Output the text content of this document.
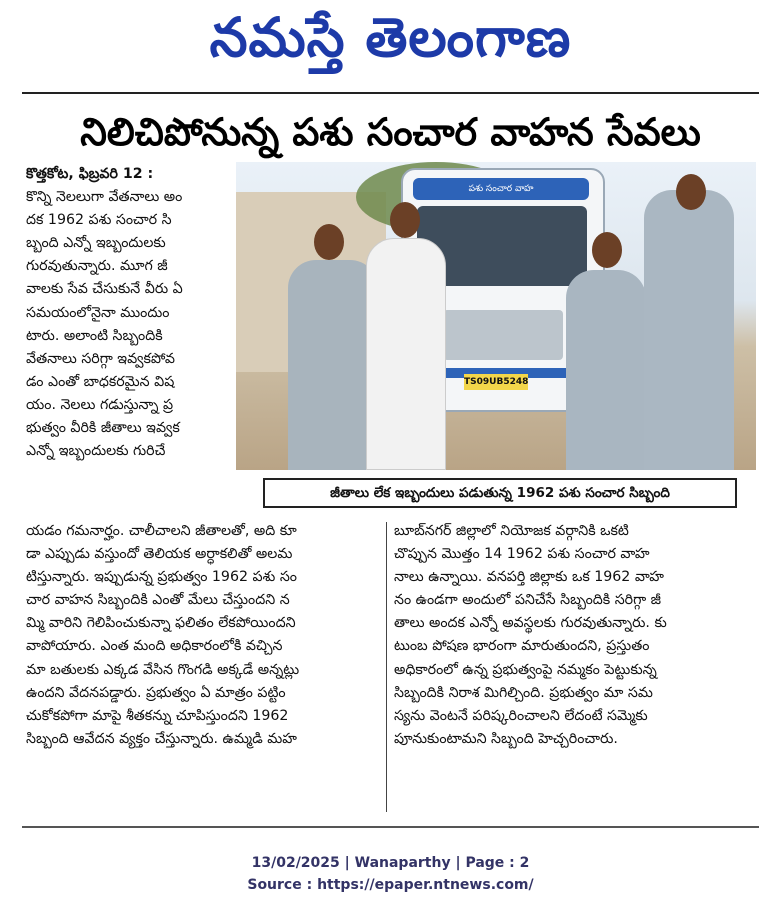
నమస్తే తెలంగాణ
నిలిచిపోనున్న పశు సంచార వాహన సేవలు

కొత్తకోట, ఫిబ్రవరి 12 :

కొన్ని నెలలుగా వేతనాలు అం

దక 1962 పశు సంచార సి

బ్బంది ఎన్నో ఇబ్బందులకు

గురవుతున్నారు. మూగ జీ

వాలకు సేవ చేసుకునే వీరు ఏ

సమయంలోనైనా ముందుం

టారు. అలాంటి సిబ్బందికి

వేతనాలు సరిగ్గా ఇవ్వకపోవ

డం ఎంతో బాధకరమైన విష

యం. నెలలు గడుస్తున్నా ప్ర

భుత్వం వీరికి జీతాలు ఇవ్వక

ఎన్నో ఇబ్బందులకు గురిచే

పశు సంచార వాహ
TS09UB5248
జీతాలు లేక ఇబ్బందులు పడుతున్న 1962 పశు సంచార సిబ్బంది

యడం గమనార్హం. చాలీచాలని జీతాలతో, అది కూ

డా ఎప్పుడు వస్తుందో తెలియక అర్ధాకలితో అలమ

టిస్తున్నారు. ఇప్పుడున్న ప్రభుత్వం 1962 పశు సం

చార వాహన సిబ్బందికి ఎంతో మేలు చేస్తుందని న

మ్మి వారిని గెలిపించుకున్నా ఫలితం లేకపోయిందని

వాపోయారు. ఎంత మంది అధికారంలోకి వచ్చిన

మా బతులకు ఎక్కడ వేసిన గొంగడి అక్కడే అన్నట్లు

ఉందని వేదనపడ్డారు. ప్రభుత్వం ఏ మాత్రం పట్టిం

చుకోకపోగా మాపై శీతకన్ను చూపిస్తుందని 1962

సిబ్బంది ఆవేదన వ్యక్తం చేస్తున్నారు. ఉమ్మడి మహ

బూబ్‌నగర్ జిల్లాలో నియోజక వర్గానికి ఒకటి

చొప్పున మొత్తం 14 1962 పశు సంచార వాహ

నాలు ఉన్నాయి. వనపర్తి జిల్లాకు ఒక 1962 వాహ

నం ఉండగా అందులో పనిచేసే సిబ్బందికి సరిగ్గా జీ

తాలు అందక ఎన్నో అవస్థలకు గురవుతున్నారు. కు

టుంబ పోషణ భారంగా మారుతుందని, ప్రస్తుతం

అధికారంలో ఉన్న ప్రభుత్వంపై నమ్మకం పెట్టుకున్న

సిబ్బందికి నిరాశ మిగిల్చింది. ప్రభుత్వం మా సమ

స్యను వెంటనే పరిష్కరించాలని లేదంటే సమ్మెకు

పూనుకుంటామని సిబ్బంది హెచ్చరించారు.

13/02/2025 | Wanaparthy | Page : 2
Source : https://epaper.ntnews.com/
